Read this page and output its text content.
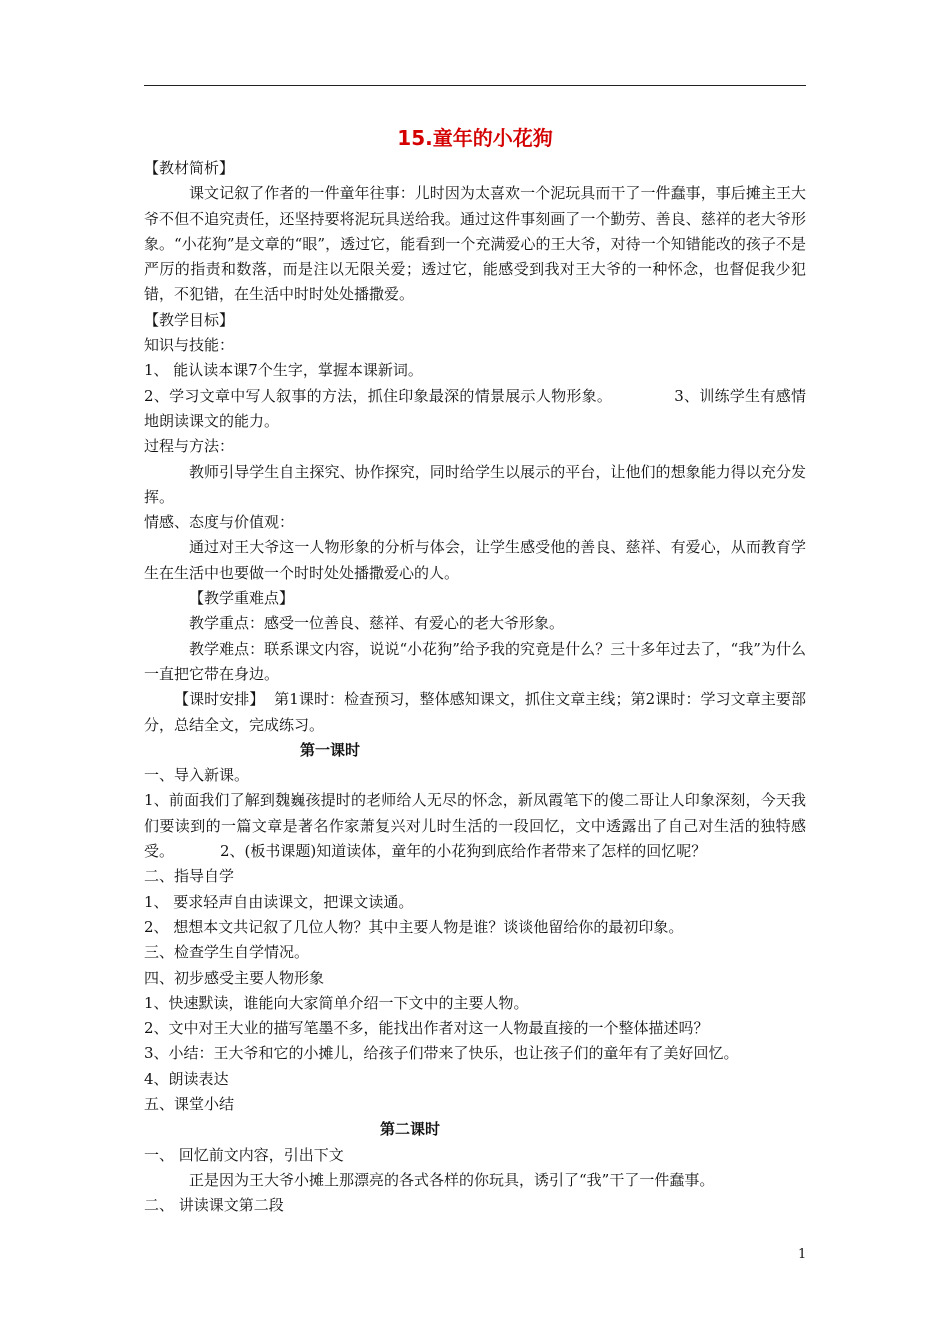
15.童年的小花狗

【教材简析】

课文记叙了作者的一件童年往事：儿时因为太喜欢一个泥玩具而干了一件蠢事，事后摊主王大爷不但不追究责任，还坚持要将泥玩具送给我。通过这件事刻画了一个勤劳、善良、慈祥的老大爷形象。“小花狗”是文章的“眼”，透过它，能看到一个充满爱心的王大爷，对待一个知错能改的孩子不是严厉的指责和数落，而是注以无限关爱；透过它，能感受到我对王大爷的一种怀念，也督促我少犯错，不犯错，在生活中时时处处播撒爱。

【教学目标】

知识与技能：

1、 能认读本课7个生字，掌握本课新词。

2、学习文章中写人叙事的方法，抓住印象最深的情景展示人物形象。	3、训练学生有感情地朗读课文的能力。

过程与方法：

教师引导学生自主探究、协作探究，同时给学生以展示的平台，让他们的想象能力得以充分发挥。

情感、态度与价值观：

通过对王大爷这一人物形象的分析与体会，让学生感受他的善良、慈祥、有爱心，从而教育学生在生活中也要做一个时时处处播撒爱心的人。

【教学重难点】

教学重点：感受一位善良、慈祥、有爱心的老大爷形象。

教学难点：联系课文内容，说说“小花狗”给予我的究竟是什么？三十多年过去了，“我”为什么一直把它带在身边。

【课时安排】 第1课时：检查预习，整体感知课文，抓住文章主线；第2课时：学习文章主要部分，总结全文，完成练习。

第一课时

一、导入新课。

1、前面我们了解到魏巍孩提时的老师给人无尽的怀念，新凤霞笔下的傻二哥让人印象深刻，今天我们要读到的一篇文章是著名作家萧复兴对儿时生活的一段回忆，文中透露出了自己对生活的独特感受。	2、(板书课题)知道读体，童年的小花狗到底给作者带来了怎样的回忆呢？

二、指导自学

1、 要求轻声自由读课文，把课文读通。

2、 想想本文共记叙了几位人物？其中主要人物是谁？谈谈他留给你的最初印象。

三、检查学生自学情况。

四、初步感受主要人物形象

1、快速默读，谁能向大家简单介绍一下文中的主要人物。

2、文中对王大业的描写笔墨不多，能找出作者对这一人物最直接的一个整体描述吗？

3、小结：王大爷和它的小摊儿，给孩子们带来了快乐，也让孩子们的童年有了美好回忆。

4、朗读表达

五、课堂小结

第二课时

一、 回忆前文内容，引出下文

正是因为王大爷小摊上那漂亮的各式各样的你玩具，诱引了“我”干了一件蠢事。

二、 讲读课文第二段

1
